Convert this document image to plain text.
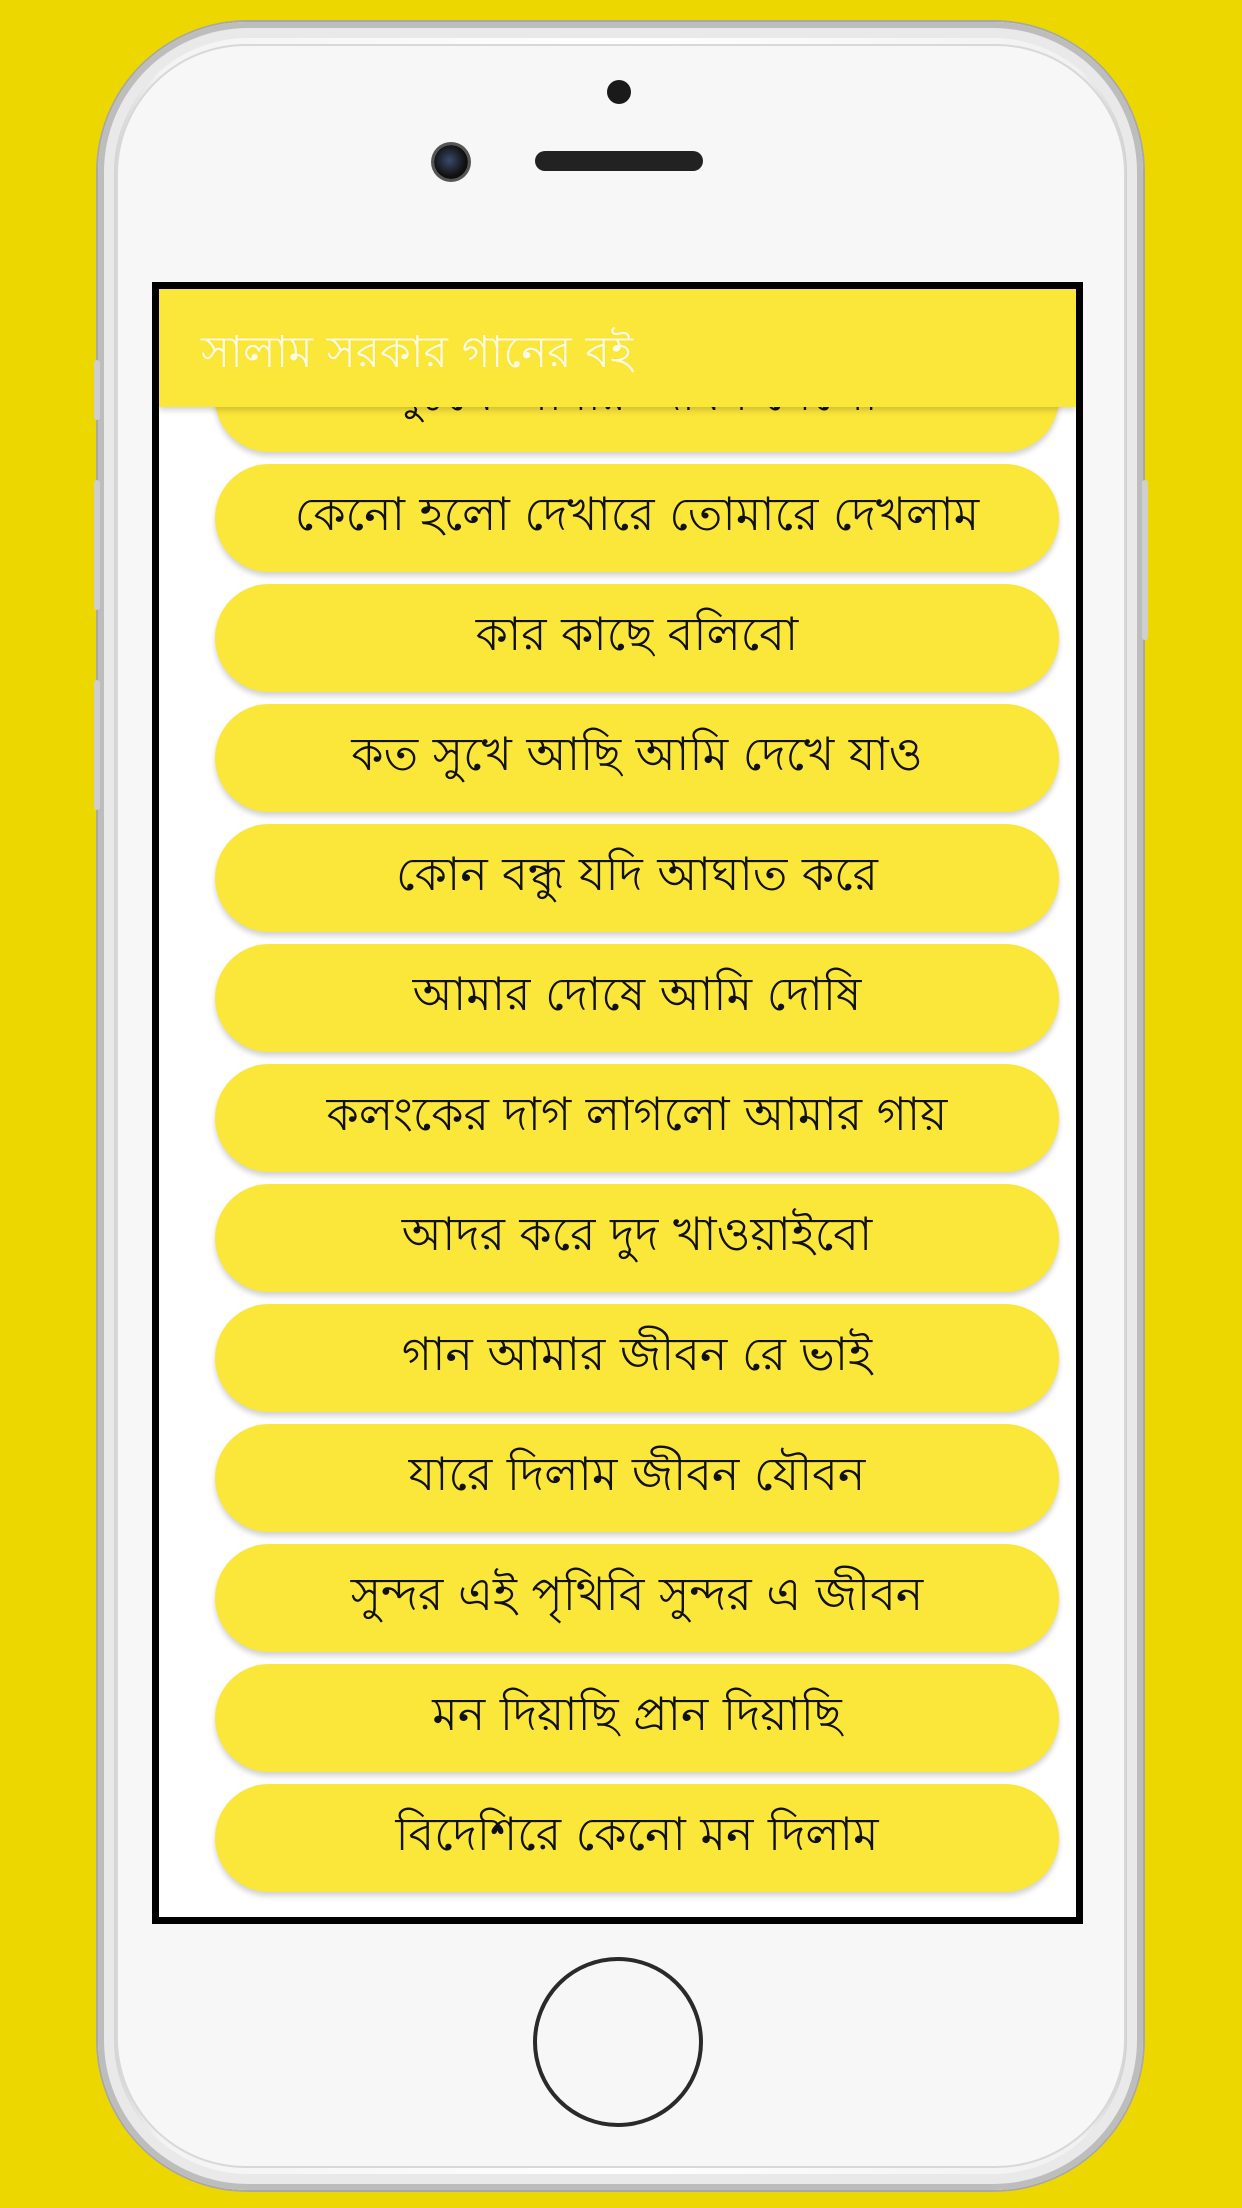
সালাম সরকার গানের বই
কেনো হলো দেখারে তোমারে দেখলাম
কার কাছে বলিবো
কত সুখে আছি আমি দেখে যাও
কোন বন্ধু যদি আঘাত করে
আমার দোষে আমি দোষি
কলংকের দাগ লাগলো আমার গায়
আদর করে দুদ খাওয়াইবো
গান আমার জীবন রে ভাই
যারে দিলাম জীবন যৌবন
সুন্দর এই পৃথিবি সুন্দর এ জীবন
মন দিয়াছি প্রান দিয়াছি
বিদেশিরে কেনো মন দিলাম
